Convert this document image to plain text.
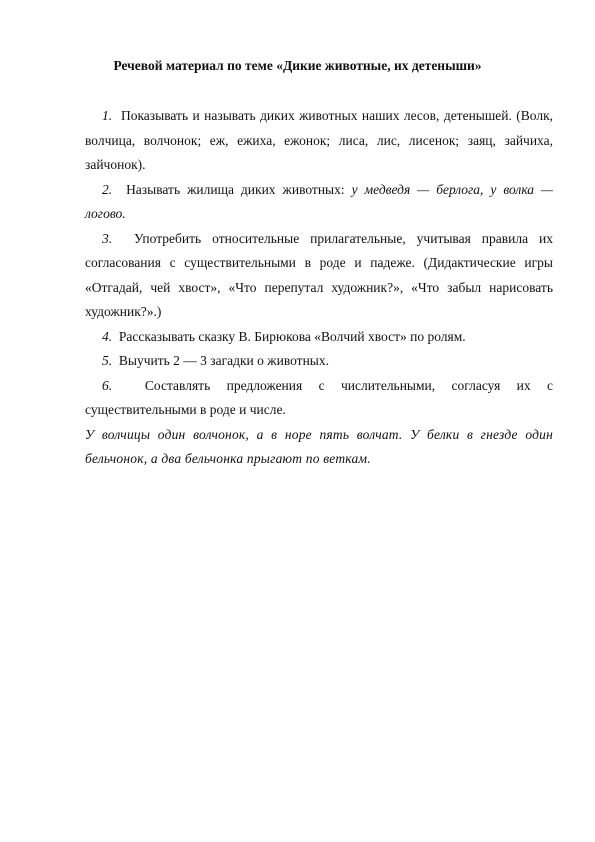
Речевой материал по теме «Дикие животные, их детеныши»

1. Показывать и называть диких животных наших лесов, детенышей. (Волк, волчица, волчонок; еж, ежиха, ежонок; лиса, лис, лисенок; заяц, зайчиха, зайчонок).

2. Называть жилища диких животных: у медведя — берлога, у волка — логово.

3. Употребить относительные прилагательные, учитывая правила их согласования с существительными в роде и падеже. (Дидактические игры «Отгадай, чей хвост», «Что перепутал художник?», «Что забыл нарисовать художник?».)

4. Рассказывать сказку В. Бирюкова «Волчий хвост» по ролям.

5. Выучить 2 — 3 загадки о животных.

6. Составлять предложения с числительными, согласуя их с существительными в роде и числе.

У волчицы один волчонок, а в норе пять волчат. У белки в гнезде один бельчонок, а два бельчонка прыгают по веткам.
